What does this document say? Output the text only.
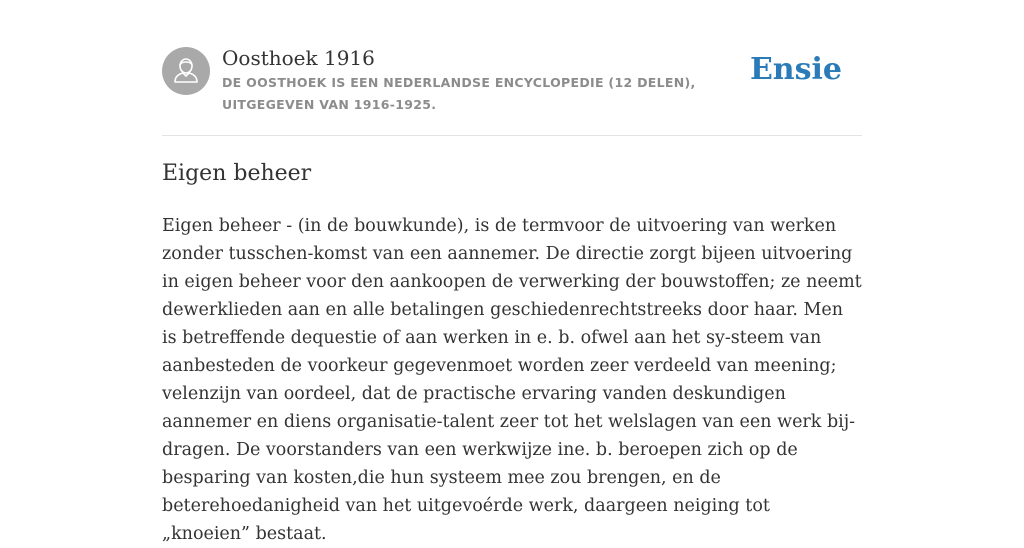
Oosthoek 1916
DE OOSTHOEK IS EEN NEDERLANDSE ENCYCLOPEDIE (12 DELEN), UITGEGEVEN VAN 1916-1925.
Ensie
Eigen beheer

Eigen beheer - (in de bouwkunde), is de termvoor de uitvoering van werken zonder tusschen-komst van een aannemer. De directie zorgt bijeen uitvoering in eigen beheer voor den aankoopen de verwerking der bouwstoffen; ze neemt dewerklieden aan en alle betalingen geschiedenrechtstreeks door haar. Men is betreffende dequestie of aan werken in e. b. ofwel aan het sy-steem van aanbesteden de voorkeur gegevenmoet worden zeer verdeeld van meening; velenzijn van oordeel, dat de practische ervaring vanden deskundigen aannemer en diens organisatie-talent zeer tot het welslagen van een werk bij-dragen. De voorstanders van een werkwijze ine. b. beroepen zich op de besparing van kosten,die hun systeem mee zou brengen, en de beterehoedanigheid van het uitgevoérde werk, daargeen neiging tot „knoeien” bestaat.
